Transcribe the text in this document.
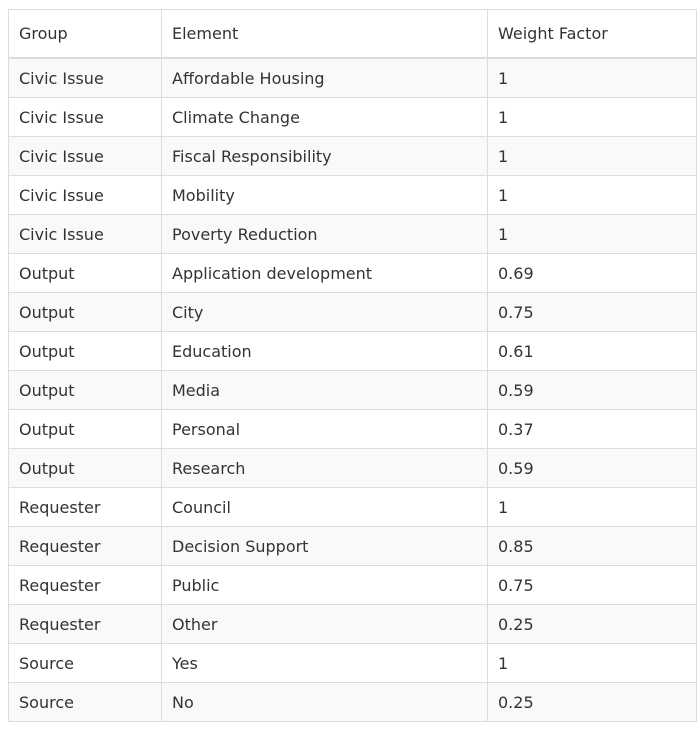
Group	Element	Weight Factor
Civic Issue	Affordable Housing	1
Civic Issue	Climate Change	1
Civic Issue	Fiscal Responsibility	1
Civic Issue	Mobility	1
Civic Issue	Poverty Reduction	1
Output	Application development	0.69
Output	City	0.75
Output	Education	0.61
Output	Media	0.59
Output	Personal	0.37
Output	Research	0.59
Requester	Council	1
Requester	Decision Support	0.85
Requester	Public	0.75
Requester	Other	0.25
Source	Yes	1
Source	No	0.25
